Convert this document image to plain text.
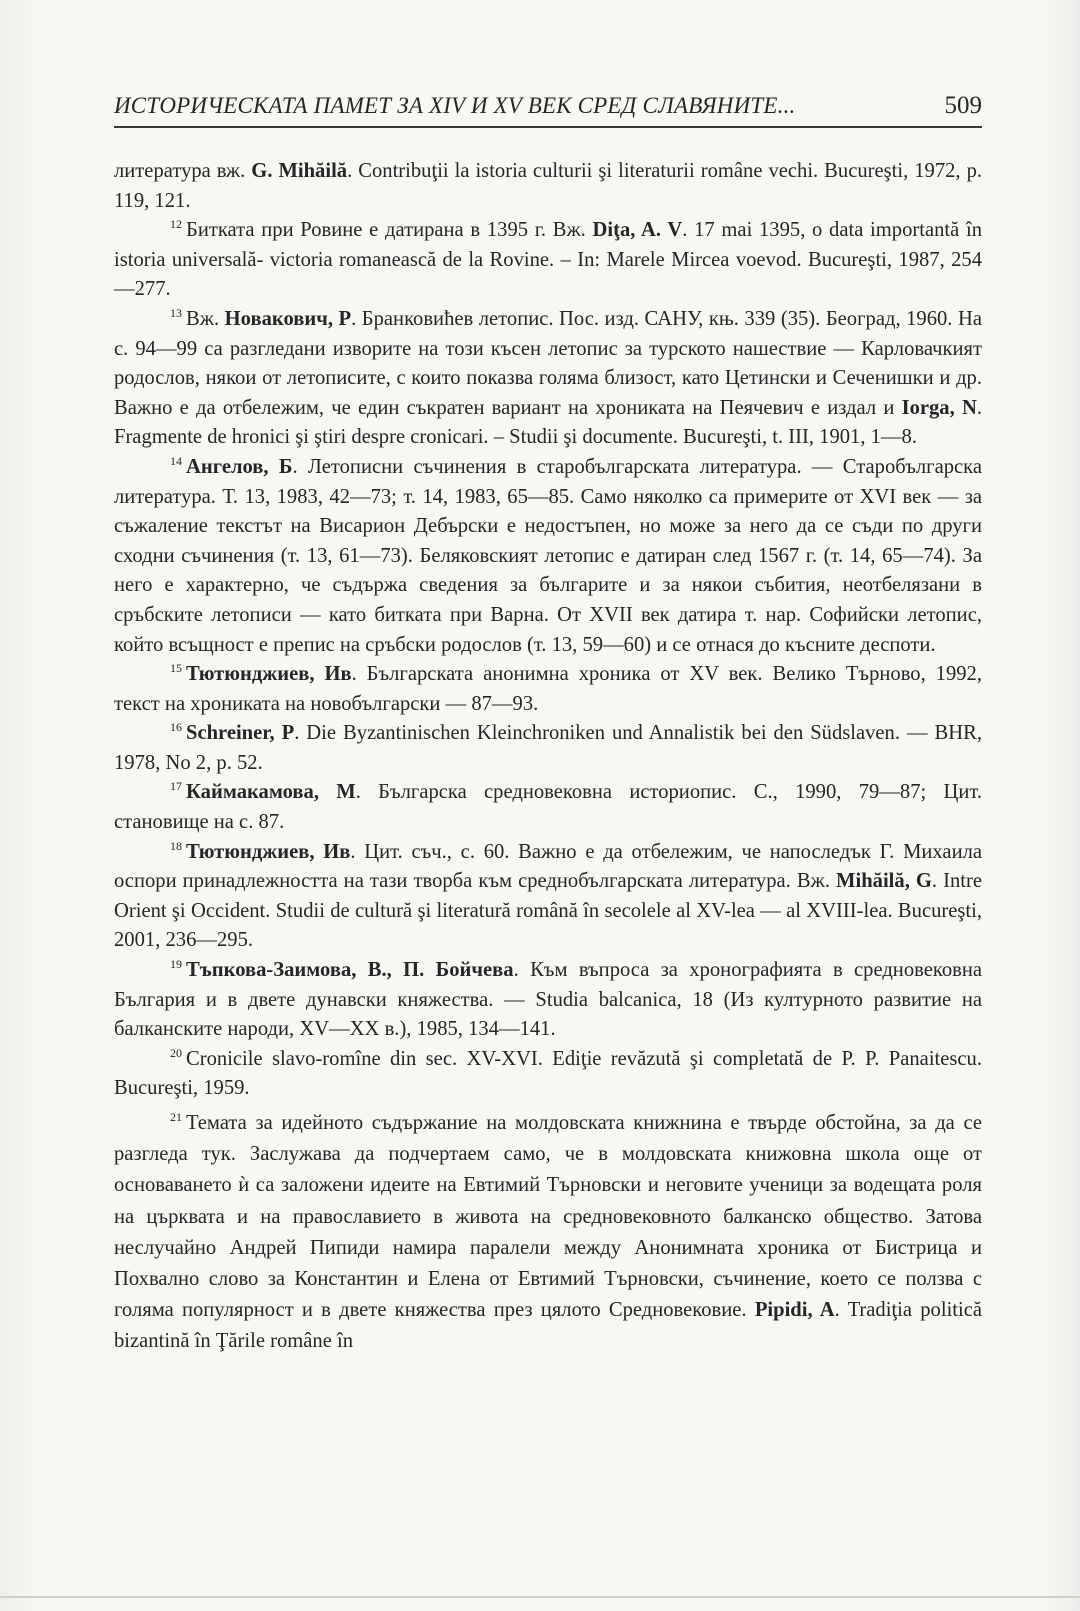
ИСТОРИЧЕСКАТА ПАМЕТ ЗА XIV И XV ВЕК СРЕД СЛАВЯНИТЕ...	509

литература вж. G. Mihăilă. Contribuţii la istoria culturii şi literaturii române vechi. Bucureşti, 1972, p. 119, 121.

$^{12}$ Битката при Ровине е датирана в 1395 г. Вж. Diţa, A. V. 17 mai 1395, o data importantă în istoria universală- victoria romanească de la Rovine. – In: Marele Mircea voevod. Bucureşti, 1987, 254—277.

$^{13}$ Вж. Новакович, Р. Бранковићев летопис. Пос. изд. САНУ, књ. 339 (35). Београд, 1960. На с. 94—99 са разгледани изворите на този късен летопис за турското нашествие — Карловачкият родослов, някои от летописите, с които показва голяма близост, като Цетински и Сеченишки и др. Важно е да отбележим, че един съкратен вариант на хрониката на Пеячевич е издал и Iorga, N. Fragmente de hronici şi ştiri despre cronicari. – Studii şi documente. Bucureşti, t. III, 1901, 1—8.

$^{14}$ Ангелов, Б. Летописни съчинения в старобългарската литература. — Старобългарска литература. Т. 13, 1983, 42—73; т. 14, 1983, 65—85. Само няколко са примерите от XVI век — за съжаление текстът на Висарион Дебърски е недостъпен, но може за него да се съди по други сходни съчинения (т. 13, 61—73). Беляковският летопис е датиран след 1567 г. (т. 14, 65—74). За него е характерно, че съдържа сведения за българите и за някои събития, неотбелязани в сръбските летописи — като битката при Варна. От XVII век датира т. нар. Софийски летопис, който всъщност е препис на сръбски родослов (т. 13, 59—60) и се отнася до късните деспоти.

$^{15}$ Тютюнджиев, Ив. Българската анонимна хроника от XV век. Велико Търново, 1992, текст на хрониката на новобългарски — 87—93.

$^{16}$ Schreiner, P. Die Byzantinischen Kleinchroniken und Annalistik bei den Südslaven. — BHR, 1978, No 2, p. 52.

$^{17}$ Каймакамова, М. Българска средновековна историопис. С., 1990, 79—87; Цит. становище на с. 87.

$^{18}$ Тютюнджиев, Ив. Цит. съч., с. 60. Важно е да отбележим, че напоследък Г. Михаила оспори принадлежността на тази творба към среднобългарската литература. Вж. Mihăilă, G. Intre Orient şi Occident. Studii de cultură şi literatură română în secolele al XV-lea — al XVIII-lea. Bucureşti, 2001, 236—295.

$^{19}$ Тъпкова-Заимова, В., П. Бойчева. Към въпроса за хронографията в средновековна България и в двете дунавски княжества. — Studia balcanica, 18 (Из културното развитие на балканските народи, XV—XX в.), 1985, 134—141.

$^{20}$ Cronicile slavo-romîne din sec. XV-XVI. Ediţie revăzută şi completată de P. P. Panaitescu. Bucureşti, 1959.

$^{21}$ Темата за идейното съдържание на молдовската книжнина е твърде обстойна, за да се разгледа тук. Заслужава да подчертаем само, че в молдовската книжовна школа още от основаването ѝ са заложени идеите на Евтимий Търновски и неговите ученици за водещата роля на църквата и на православието в живота на средновековното балканско общество. Затова неслучайно Андрей Пипиди намира паралели между Анонимната хроника от Бистрица и Похвално слово за Константин и Елена от Евтимий Търновски, съчинение, което се ползва с голяма популярност и в двете княжества през цялото Средновековие. Pipidi, A. Tradiţia politică bizantină în Ţările române în
